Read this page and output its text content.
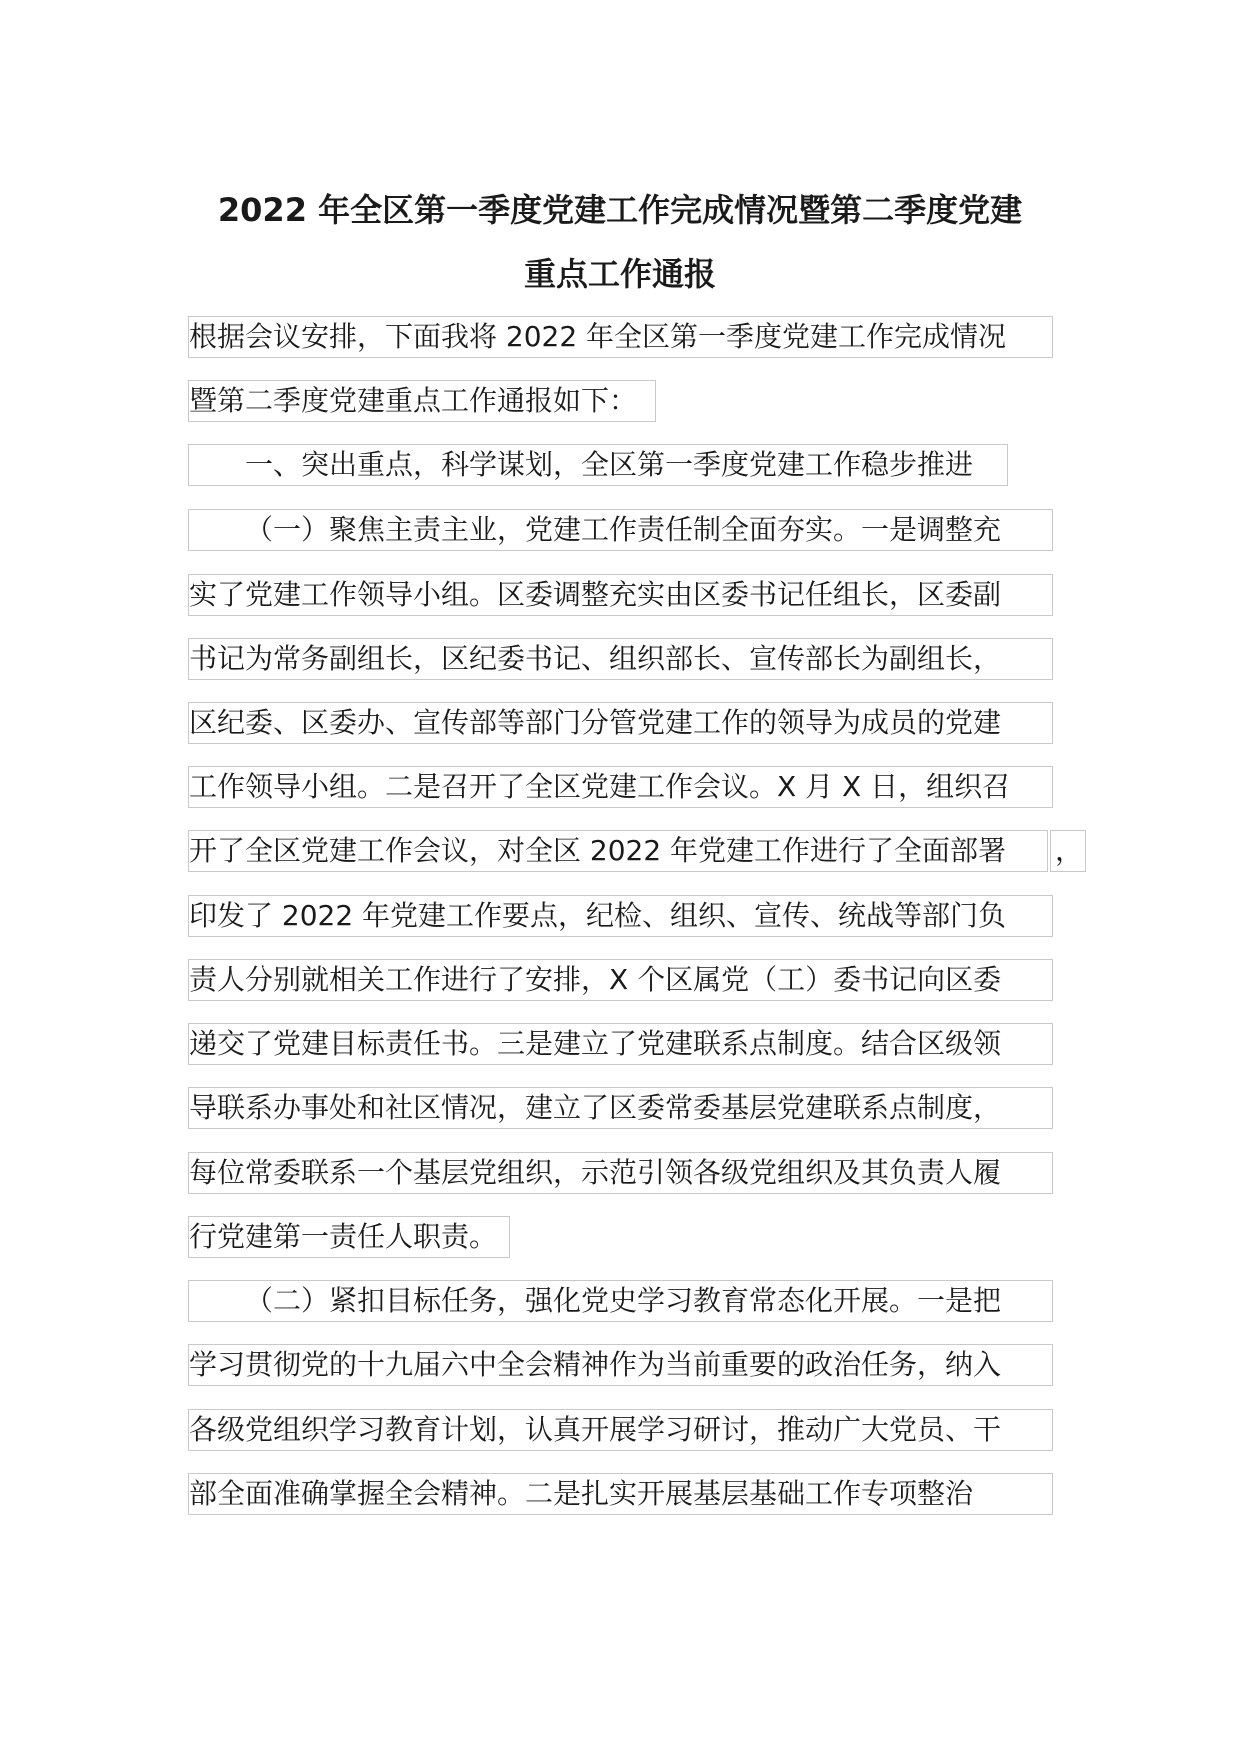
2022 年全区第一季度党建工作完成情况暨第二季度党建
重点工作通报
根据会议安排，下面我将 2022 年全区第一季度党建工作完成情况
暨第二季度党建重点工作通报如下：
一、突出重点，科学谋划，全区第一季度党建工作稳步推进
（一）聚焦主责主业，党建工作责任制全面夯实。一是调整充
实了党建工作领导小组。区委调整充实由区委书记任组长，区委副
书记为常务副组长，区纪委书记、组织部长、宣传部长为副组长，
区纪委、区委办、宣传部等部门分管党建工作的领导为成员的党建
工作领导小组。二是召开了全区党建工作会议。X 月 X 日，组织召
开了全区党建工作会议，对全区 2022 年党建工作进行了全面部署	，
印发了 2022 年党建工作要点，纪检、组织、宣传、统战等部门负
责人分别就相关工作进行了安排，X 个区属党（工）委书记向区委
递交了党建目标责任书。三是建立了党建联系点制度。结合区级领
导联系办事处和社区情况，建立了区委常委基层党建联系点制度，
每位常委联系一个基层党组织，示范引领各级党组织及其负责人履
行党建第一责任人职责。
（二）紧扣目标任务，强化党史学习教育常态化开展。一是把
学习贯彻党的十九届六中全会精神作为当前重要的政治任务，纳入
各级党组织学习教育计划，认真开展学习研讨，推动广大党员、干
部全面准确掌握全会精神。二是扎实开展基层基础工作专项整治
